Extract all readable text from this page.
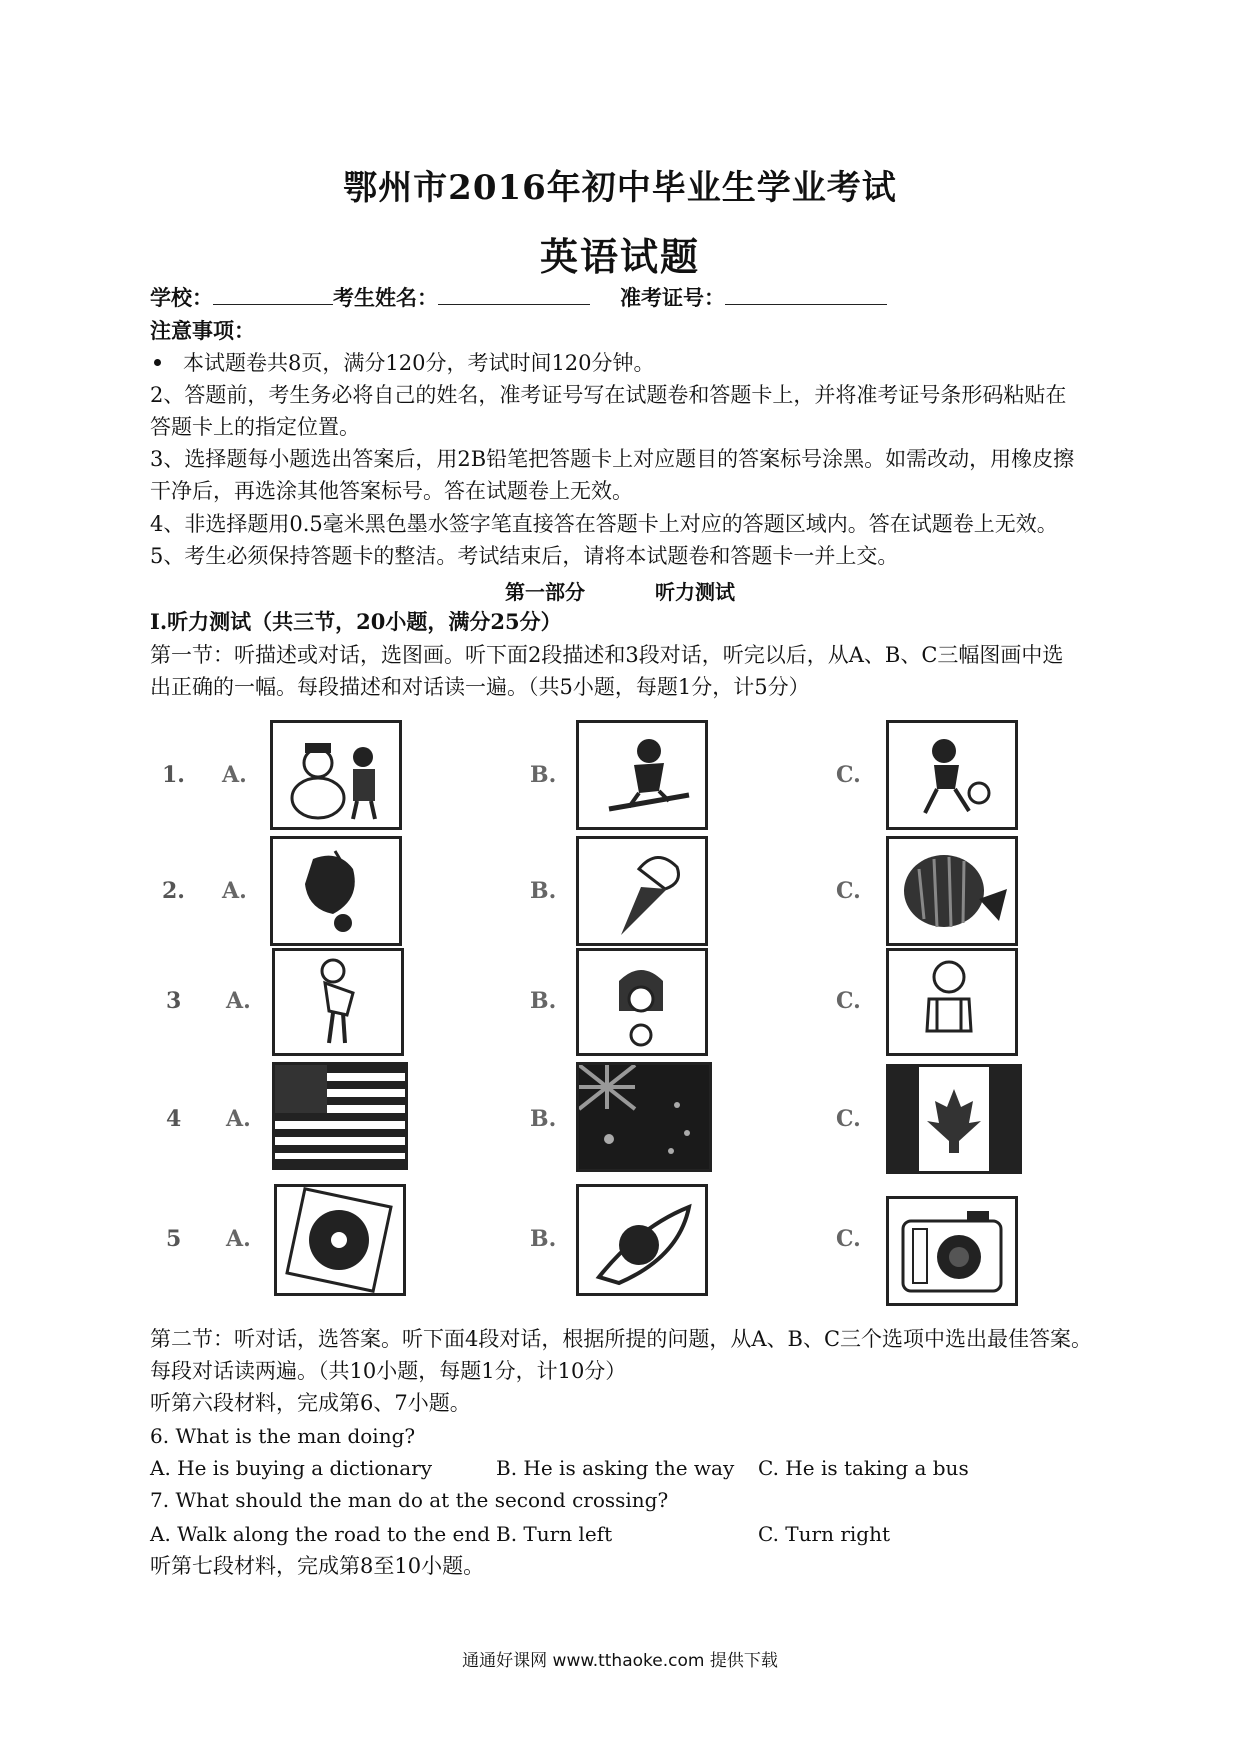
鄂州市2016年初中毕业生学业考试
英语试题
学校：	考生姓名：	准考证号：
注意事项：
本试题卷共8页，满分120分，考试时间120分钟。
2、答题前，考生务必将自己的姓名，准考证号写在试题卷和答题卡上，并将准考证号条形码粘贴在
答题卡上的指定位置。
3、选择题每小题选出答案后，用2B铅笔把答题卡上对应题目的答案标号涂黑。如需改动，用橡皮擦
干净后，再选涂其他答案标号。答在试题卷上无效。
4、非选择题用0.5毫米黑色墨水签字笔直接答在答题卡上对应的答题区域内。答在试题卷上无效。
5、考生必须保持答题卡的整洁。考试结束后，请将本试题卷和答题卡一并上交。
第一部分	听力测试
Ⅰ.听力测试（共三节，20小题，满分25分）
第一节：听描述或对话，选图画。听下面2段描述和3段对话，听完以后，从A、B、C三幅图画中选
出正确的一幅。每段描述和对话读一遍。（共5小题，每题1分，计5分）
1. A.	B.	C.
2. A.	B.	C.
3 A.	B.	C.
4 A.	B.	C.
5 A.	B.	C.
第二节：听对话，选答案。听下面4段对话，根据所提的问题，从A、B、C三个选项中选出最佳答案。
每段对话读两遍。（共10小题，每题1分，计10分）
听第六段材料，完成第6、7小题。
6. What is the man doing?
A. He is buying a dictionary	B. He is asking the way C. He is taking a bus
7. What should the man do at the second crossing?
A. Walk along the road to the end B. Turn left	C. Turn right
听第七段材料，完成第8至10小题。
通通好课网 www.tthaoke.com 提供下载
